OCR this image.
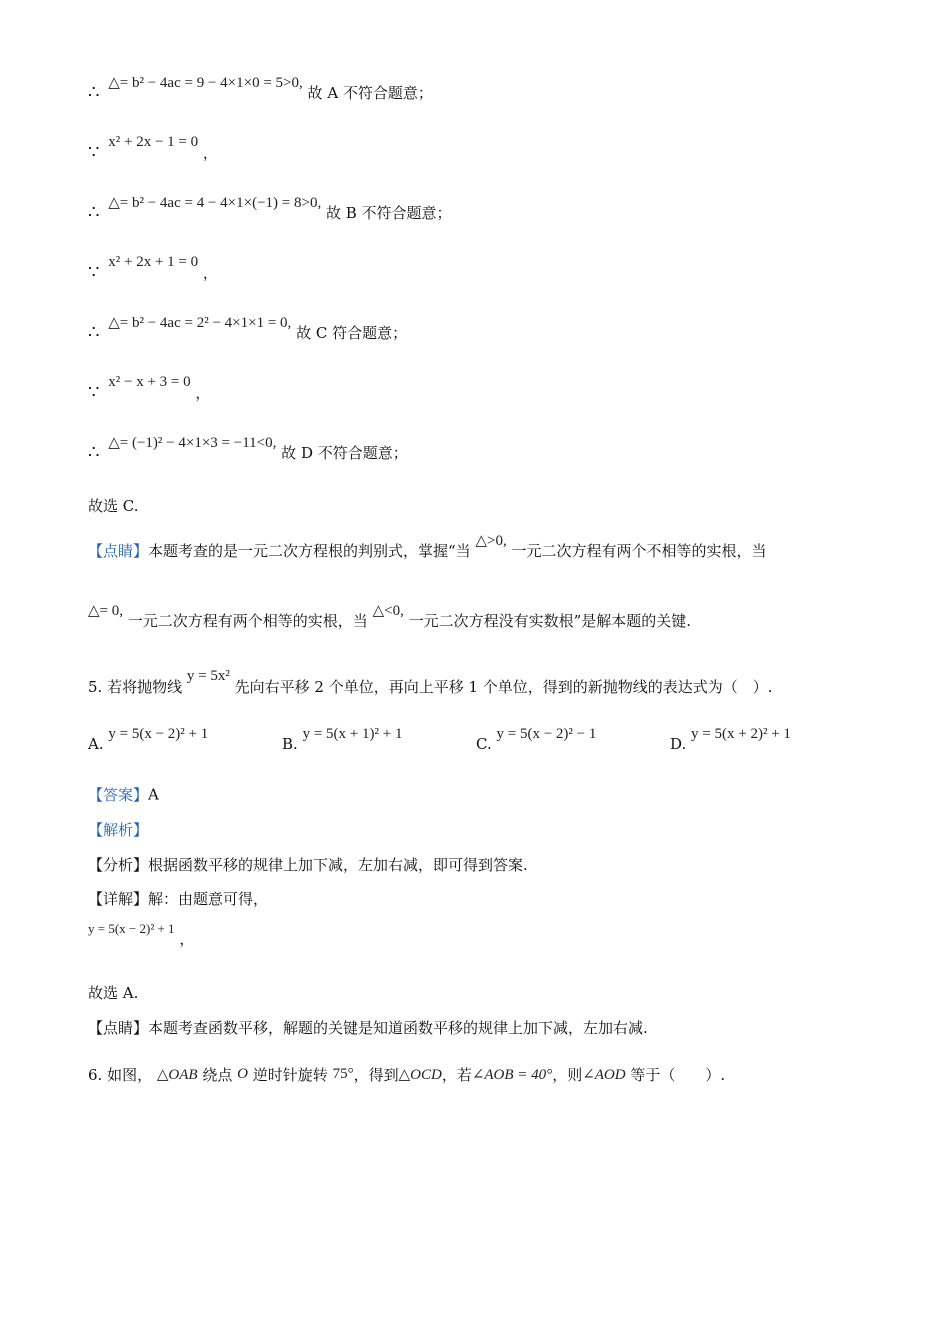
∴ △= b² − 4ac = 9 − 4×1×0 = 5>0, 故 A 不符合题意；
∵ x² + 2x − 1 = 0 ，
∴ △= b² − 4ac = 4 − 4×1×(−1) = 8>0, 故 B 不符合题意；
∵ x² + 2x + 1 = 0 ，
∴ △= b² − 4ac = 2² − 4×1×1 = 0, 故 C 符合题意；
∵ x² − x + 3 = 0 ，
∴ △= (−1)² − 4×1×3 = −11<0, 故 D 不符合题意；
故选 C.
【点睛】本题考查的是一元二次方程根的判别式，掌握“当 △>0, 一元二次方程有两个不相等的实根，当
△= 0, 一元二次方程有两个相等的实根，当 △<0, 一元二次方程没有实数根”是解本题的关键.
5. 若将抛物线 y = 5x² 先向右平移 2 个单位，再向上平移 1 个单位，得到的新抛物线的表达式为（　）.
A. y = 5(x − 2)² + 1
B. y = 5(x + 1)² + 1
C. y = 5(x − 2)² − 1
D. y = 5(x + 2)² + 1
【答案】A
【解析】
【分析】根据函数平移的规律上加下减，左加右减，即可得到答案.
【详解】解：由题意可得，
y = 5(x − 2)² + 1 ，
故选 A.
【点睛】本题考查函数平移，解题的关键是知道函数平移的规律上加下减，左加右减.
6. 如图， △OAB 绕点 O 逆时针旋转 75°，得到△OCD，若∠AOB = 40°，则∠AOD 等于（　　）.
